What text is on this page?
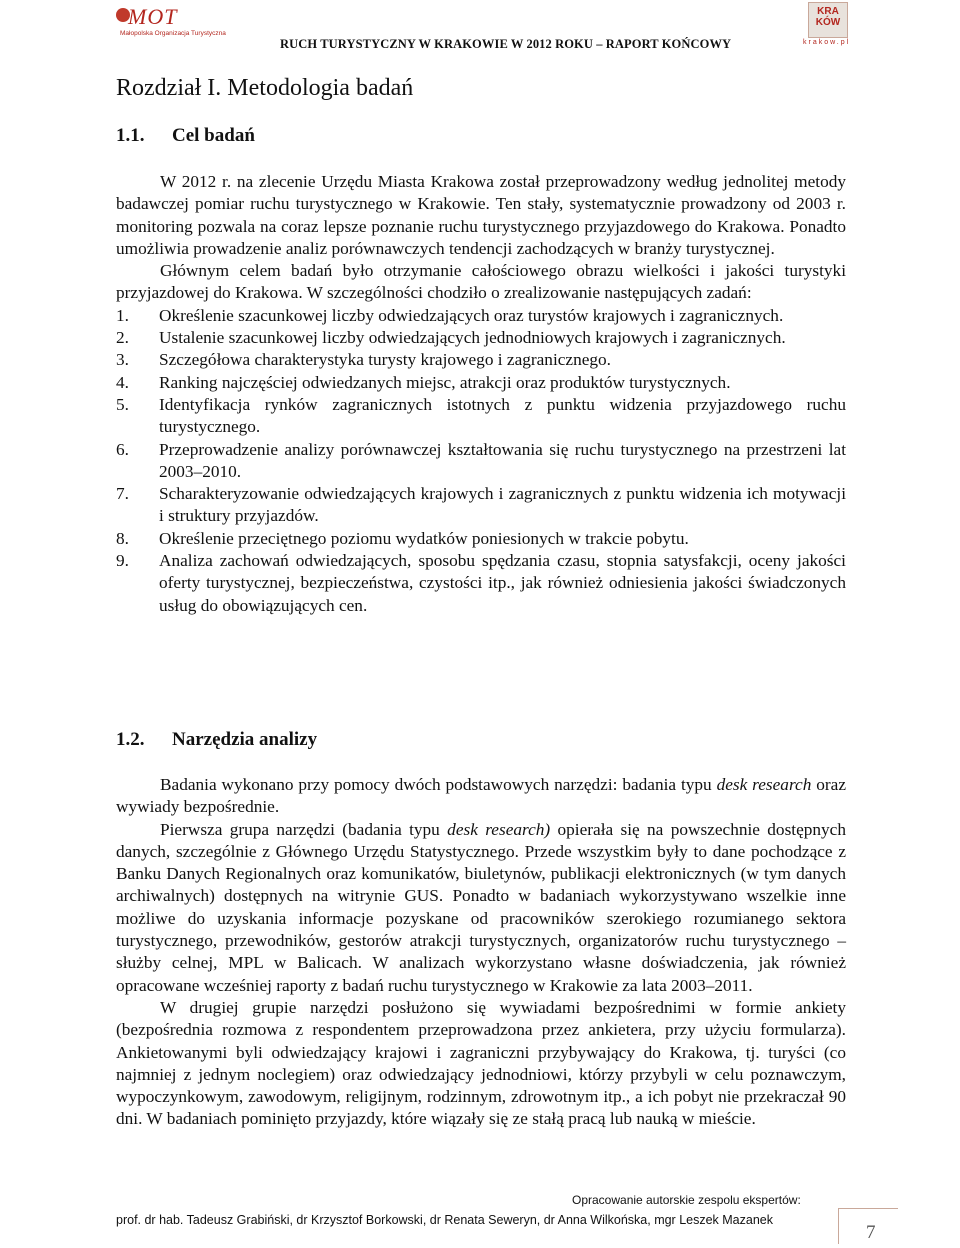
MOT
Małopolska Organizacja Turystyczna
RUCH TURYSTYCZNY W KRAKOWIE W 2012 ROKU – RAPORT KOŃCOWY
KRA
KÓW
krakow.pl
Rozdział I. Metodologia badań
1.1. Cel badań

W 2012 r. na zlecenie Urzędu Miasta Krakowa został przeprowadzony według jednolitej metody badawczej pomiar ruchu turystycznego w Krakowie. Ten stały, systematycznie prowadzony od 2003 r. monitoring pozwala na coraz lepsze poznanie ruchu turystycznego przyjazdowego do Krakowa. Ponadto umożliwia prowadzenie analiz porównawczych tendencji zachodzących w branży turystycznej.

Głównym celem badań było otrzymanie całościowego obrazu wielkości i jakości turystyki przyjazdowej do Krakowa. W szczególności chodziło o zrealizowanie następujących zadań:

1. Określenie szacunkowej liczby odwiedzających oraz turystów krajowych i zagranicznych.
2. Ustalenie szacunkowej liczby odwiedzających jednodniowych krajowych i zagranicznych.
3. Szczegółowa charakterystyka turysty krajowego i zagranicznego.
4. Ranking najczęściej odwiedzanych miejsc, atrakcji oraz produktów turystycznych.
5. Identyfikacja rynków zagranicznych istotnych z punktu widzenia przyjazdowego ruchu turystycznego.
6. Przeprowadzenie analizy porównawczej kształtowania się ruchu turystycznego na przestrzeni lat 2003–2010.
7. Scharakteryzowanie odwiedzających krajowych i zagranicznych z punktu widzenia ich motywacji i struktury przyjazdów.
8. Określenie przeciętnego poziomu wydatków poniesionych w trakcie pobytu.
9. Analiza zachowań odwiedzających, sposobu spędzania czasu, stopnia satysfakcji, oceny jakości oferty turystycznej, bezpieczeństwa, czystości itp., jak również odniesienia jakości świadczonych usług do obowiązujących cen.
1.2. Narzędzia analizy

Badania wykonano przy pomocy dwóch podstawowych narzędzi: badania typu desk research oraz wywiady bezpośrednie.

Pierwsza grupa narzędzi (badania typu desk research) opierała się na powszechnie dostępnych danych, szczególnie z Głównego Urzędu Statystycznego. Przede wszystkim były to dane pochodzące z Banku Danych Regionalnych oraz komunikatów, biuletynów, publikacji elektronicznych (w tym danych archiwalnych) dostępnych na witrynie GUS. Ponadto w badaniach wykorzystywano wszelkie inne możliwe do uzyskania informacje pozyskane od pracowników szerokiego rozumianego sektora turystycznego, przewodników, gestorów atrakcji turystycznych, organizatorów ruchu turystycznego – służby celnej, MPL w Balicach. W analizach wykorzystano własne doświadczenia, jak również opracowane wcześniej raporty z badań ruchu turystycznego w Krakowie za lata 2003–2011.

W drugiej grupie narzędzi posłużono się wywiadami bezpośrednimi w formie ankiety (bezpośrednia rozmowa z respondentem przeprowadzona przez ankietera, przy użyciu formularza). Ankietowanymi byli odwiedzający krajowi i zagraniczni przybywający do Krakowa, tj. turyści (co najmniej z jednym noclegiem) oraz odwiedzający jednodniowi, którzy przybyli w celu poznawczym, wypoczynkowym, zawodowym, religijnym, rodzinnym, zdrowotnym itp., a ich pobyt nie przekraczał 90 dni. W badaniach pominięto przyjazdy, które wiązały się ze stałą pracą lub nauką w mieście.

Opracowanie autorskie zespolu ekspertów:
prof. dr hab. Tadeusz Grabiński, dr Krzysztof Borkowski, dr Renata Seweryn, dr Anna Wilkońska, mgr Leszek Mazanek
7
